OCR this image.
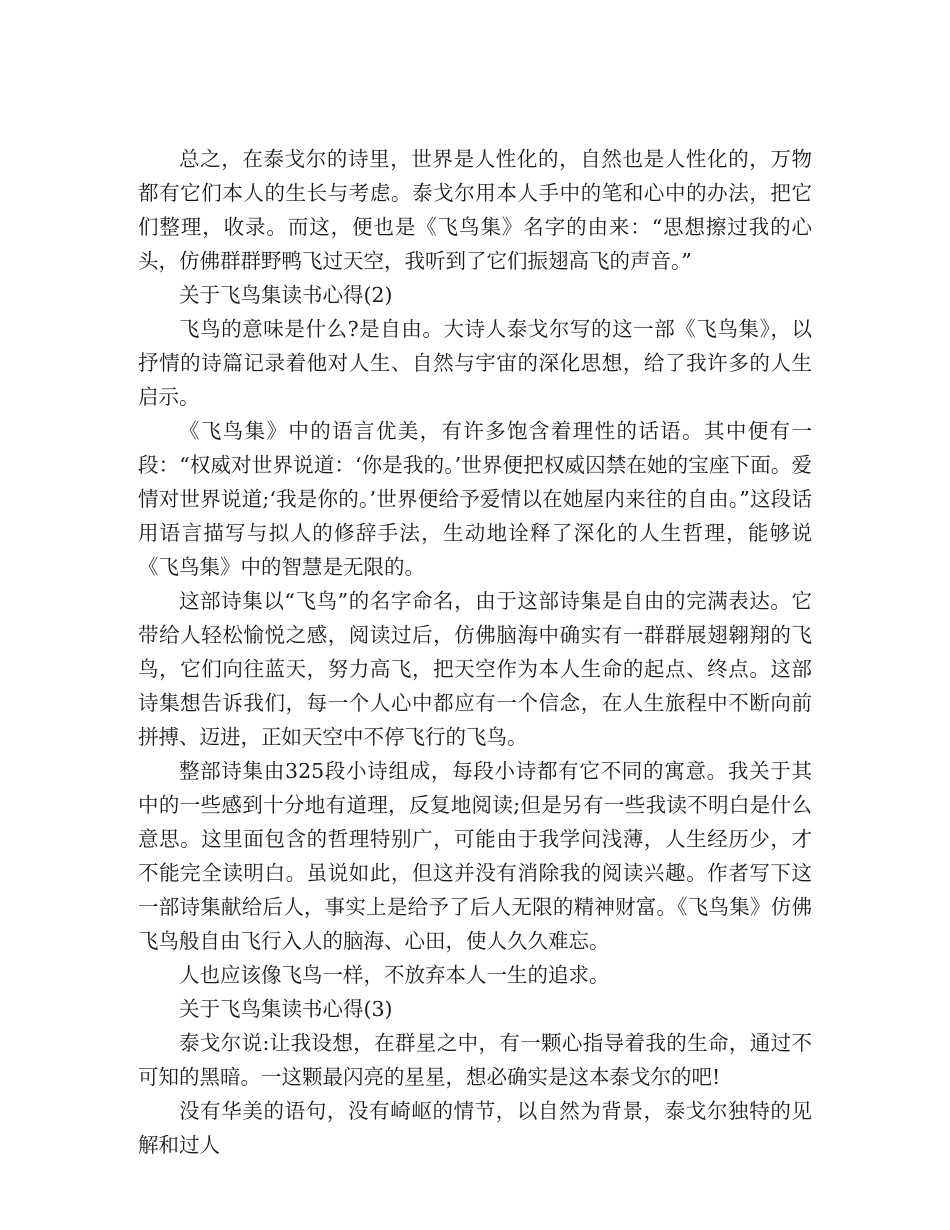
总之，在泰戈尔的诗里，世界是人性化的，自然也是人性化的，万物都有它们本人的生长与考虑。泰戈尔用本人手中的笔和心中的办法，把它们整理，收录。而这，便也是《飞鸟集》名字的由来：“思想擦过我的心头，仿佛群群野鸭飞过天空，我听到了它们振翅高飞的声音。”

关于飞鸟集读书心得(2)

飞鸟的意味是什么?是自由。大诗人泰戈尔写的这一部《飞鸟集》，以抒情的诗篇记录着他对人生、自然与宇宙的深化思想，给了我许多的人生启示。

《飞鸟集》中的语言优美，有许多饱含着理性的话语。其中便有一段：“权威对世界说道：‘你是我的。’世界便把权威囚禁在她的宝座下面。爱情对世界说道;‘我是你的。’世界便给予爱情以在她屋内来往的自由。”这段话用语言描写与拟人的修辞手法，生动地诠释了深化的人生哲理，能够说《飞鸟集》中的智慧是无限的。

这部诗集以“飞鸟”的名字命名，由于这部诗集是自由的完满表达。它带给人轻松愉悦之感，阅读过后，仿佛脑海中确实有一群群展翅翱翔的飞鸟，它们向往蓝天，努力高飞，把天空作为本人生命的起点、终点。这部诗集想告诉我们，每一个人心中都应有一个信念，在人生旅程中不断向前拼搏、迈进，正如天空中不停飞行的飞鸟。

整部诗集由325段小诗组成，每段小诗都有它不同的寓意。我关于其中的一些感到十分地有道理，反复地阅读;但是另有一些我读不明白是什么意思。这里面包含的哲理特别广，可能由于我学问浅薄，人生经历少，才不能完全读明白。虽说如此，但这并没有消除我的阅读兴趣。作者写下这一部诗集献给后人，事实上是给予了后人无限的精神财富。《飞鸟集》仿佛飞鸟般自由飞行入人的脑海、心田，使人久久难忘。

人也应该像飞鸟一样，不放弃本人一生的追求。

关于飞鸟集读书心得(3)

泰戈尔说:让我设想，在群星之中，有一颗心指导着我的生命，通过不可知的黑暗。一这颗最闪亮的星星，想必确实是这本泰戈尔的吧!

没有华美的语句，没有崎岖的情节，以自然为背景，泰戈尔独特的见解和过人
